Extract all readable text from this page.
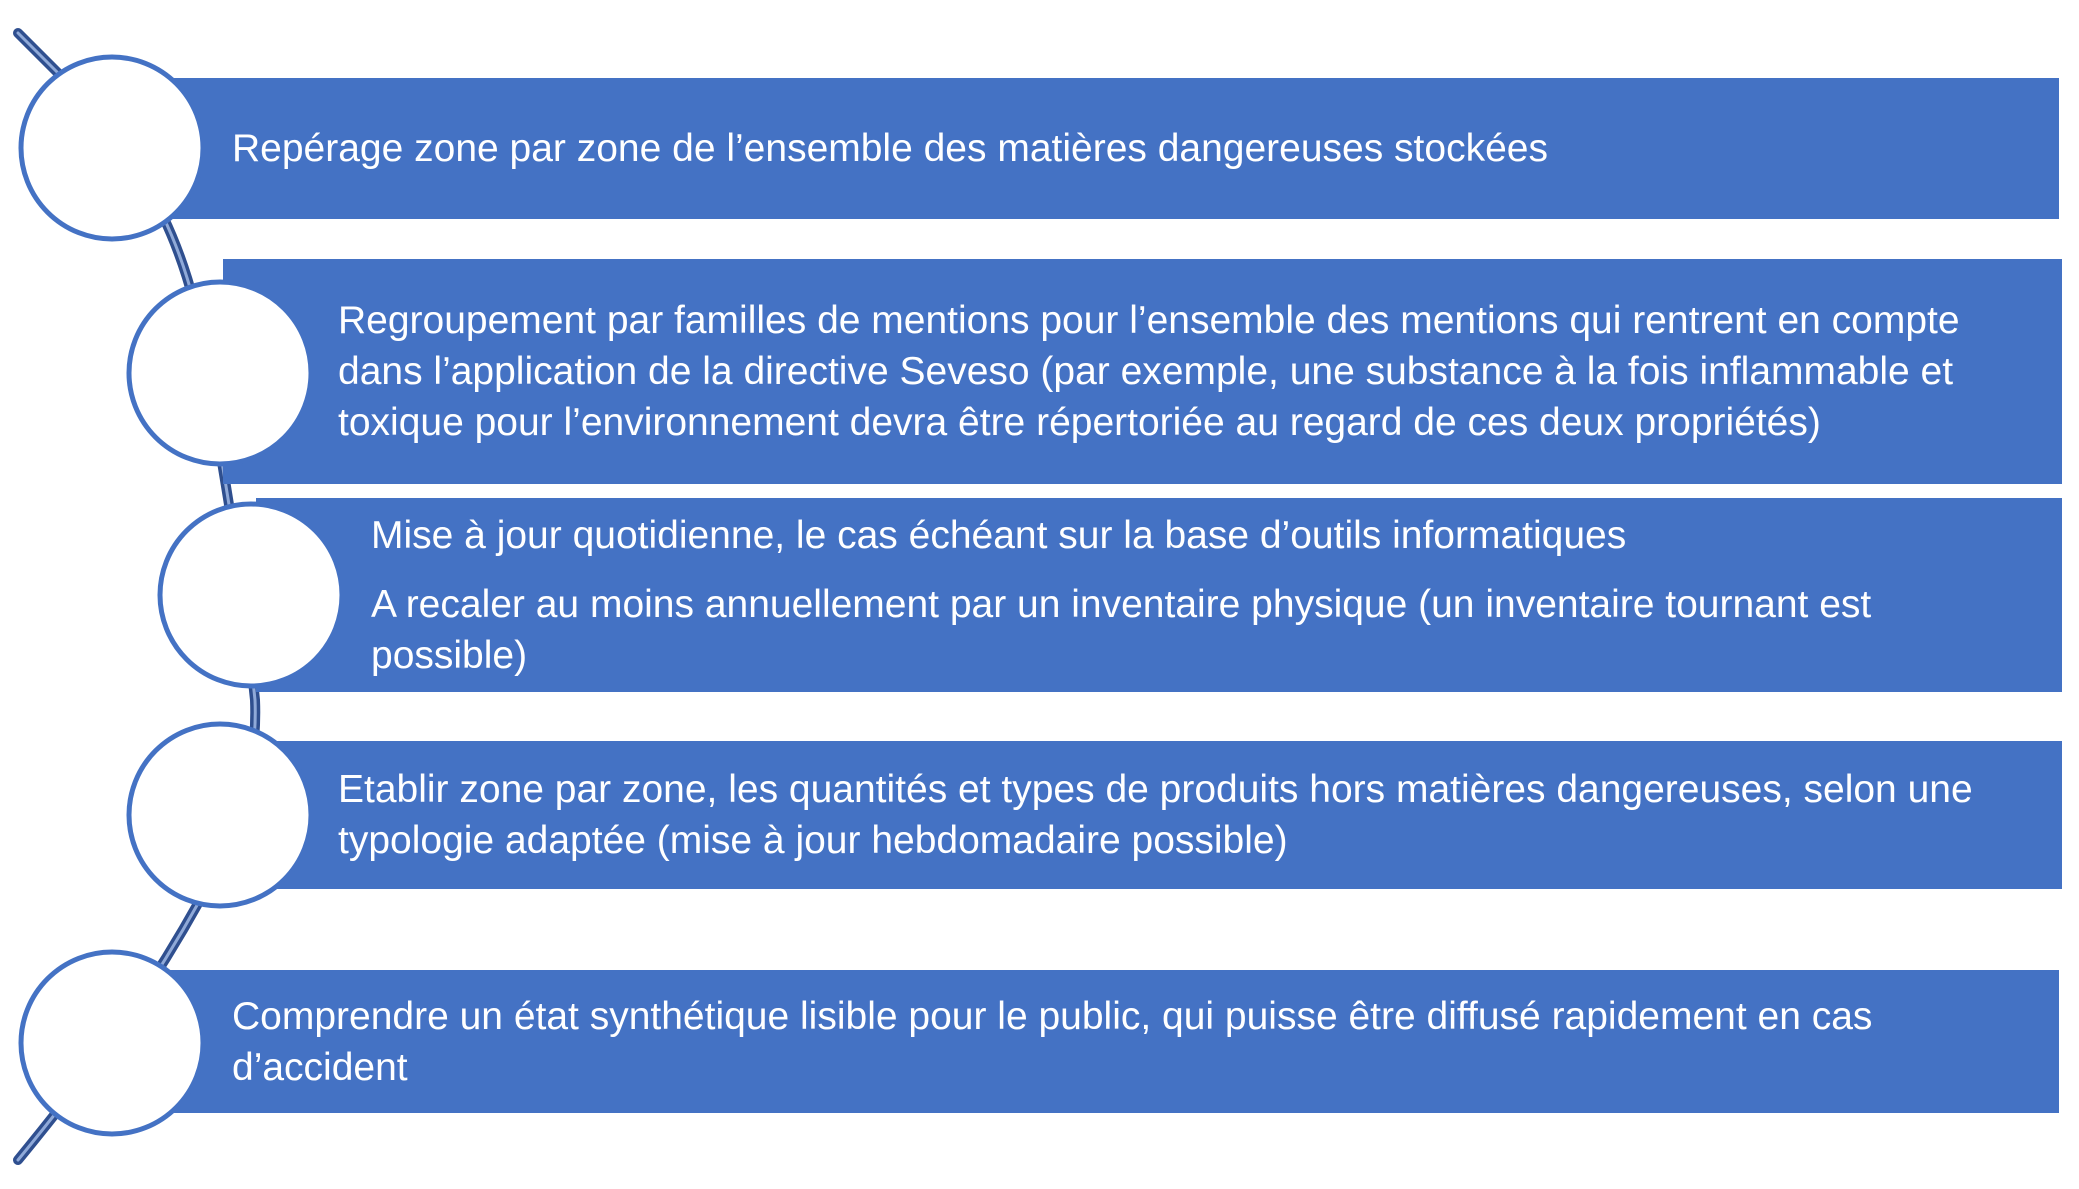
Repérage zone par zone de l’ensemble des matières dangereuses stockées

Regroupement par familles de mentions pour l’ensemble des mentions qui rentrent en compte dans l’application de la directive Seveso (par exemple, une substance à la fois inflammable et toxique pour l’environnement devra être répertoriée au regard de ces deux propriétés)

Mise à jour quotidienne, le cas échéant sur la base d’outils informatiques

A recaler au moins annuellement par un inventaire physique (un inventaire tournant est possible)

Etablir zone par zone, les quantités et types de produits hors matières dangereuses, selon une typologie adaptée (mise à jour hebdomadaire possible)

Comprendre un état synthétique lisible pour le public, qui puisse être diffusé rapidement en cas d’accident
